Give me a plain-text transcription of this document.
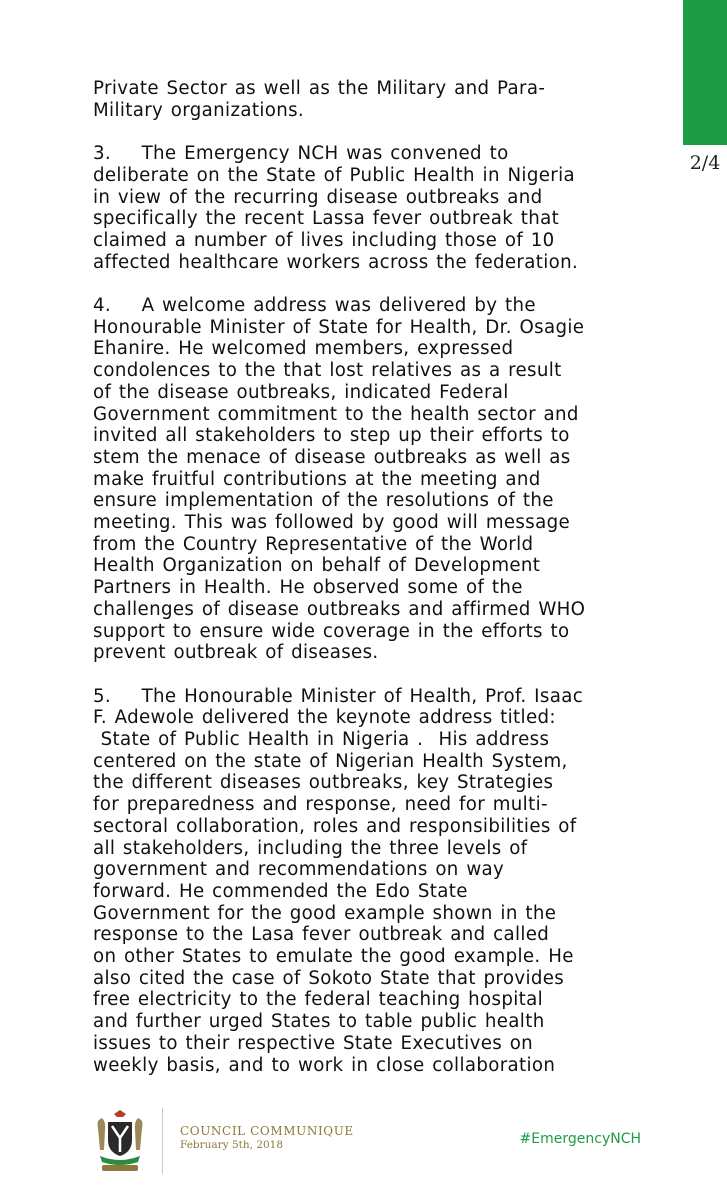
2/4

Private Sector as well as the Military and Para-
Military organizations.

3.    The Emergency NCH was convened to
deliberate on the State of Public Health in Nigeria
in view of the recurring disease outbreaks and
specifically the recent Lassa fever outbreak that
claimed a number of lives including those of 10
affected healthcare workers across the federation.

4.    A welcome address was delivered by the
Honourable Minister of State for Health, Dr. Osagie
Ehanire. He welcomed members, expressed
condolences to the that lost relatives as a result
of the disease outbreaks, indicated Federal
Government commitment to the health sector and
invited all stakeholders to step up their efforts to
stem the menace of disease outbreaks as well as
make fruitful contributions at the meeting and
ensure implementation of the resolutions of the
meeting. This was followed by good will message
from the Country Representative of the World
Health Organization on behalf of Development
Partners in Health. He observed some of the
challenges of disease outbreaks and affirmed WHO
support to ensure wide coverage in the efforts to
prevent outbreak of diseases.

5.    The Honourable Minister of Health, Prof. Isaac
F. Adewole delivered the keynote address titled:
State of Public Health in Nigeria .  His address
centered on the state of Nigerian Health System,
the different diseases outbreaks, key Strategies
for preparedness and response, need for multi-
sectoral collaboration, roles and responsibilities of
all stakeholders, including the three levels of
government and recommendations on way
forward. He commended the Edo State
Government for the good example shown in the
response to the Lasa fever outbreak and called
on other States to emulate the good example. He
also cited the case of Sokoto State that provides
free electricity to the federal teaching hospital
and further urged States to table public health
issues to their respective State Executives on
weekly basis, and to work in close collaboration

COUNCIL COMMUNIQUE
February 5th, 2018	#EmergencyNCH
